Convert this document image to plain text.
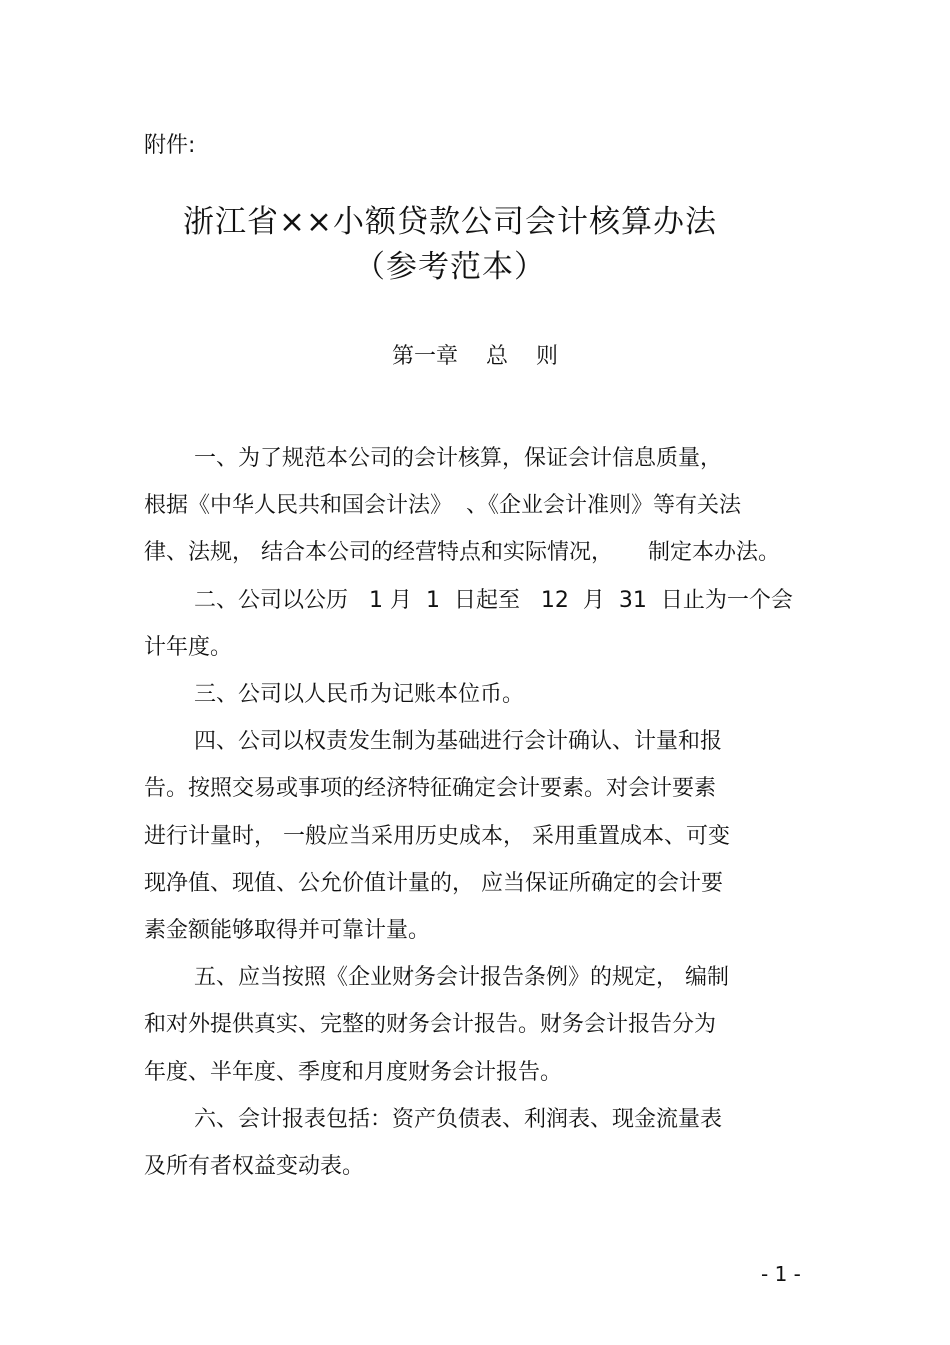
附件:
浙江省××小额贷款公司会计核算办法
（参考范本）
第一章    总    则

一、为了规范本公司的会计核算，保证会计信息质量，
根据《中华人民共和国会计法》  、《企业会计准则》等有关法
律、法规， 结合本公司的经营特点和实际情况，     制定本办法。

二、公司以公历   1 月  1  日起至   12  月  31  日止为一个会
计年度。

三、公司以人民币为记账本位币。

四、公司以权责发生制为基础进行会计确认、计量和报
告。按照交易或事项的经济特征确定会计要素。对会计要素
进行计量时， 一般应当采用历史成本， 采用重置成本、可变
现净值、现值、公允价值计量的， 应当保证所确定的会计要
素金额能够取得并可靠计量。

五、应当按照《企业财务会计报告条例》的规定， 编制
和对外提供真实、完整的财务会计报告。财务会计报告分为
年度、半年度、季度和月度财务会计报告。

六、会计报表包括：资产负债表、利润表、现金流量表
及所有者权益变动表。

- 1 -
